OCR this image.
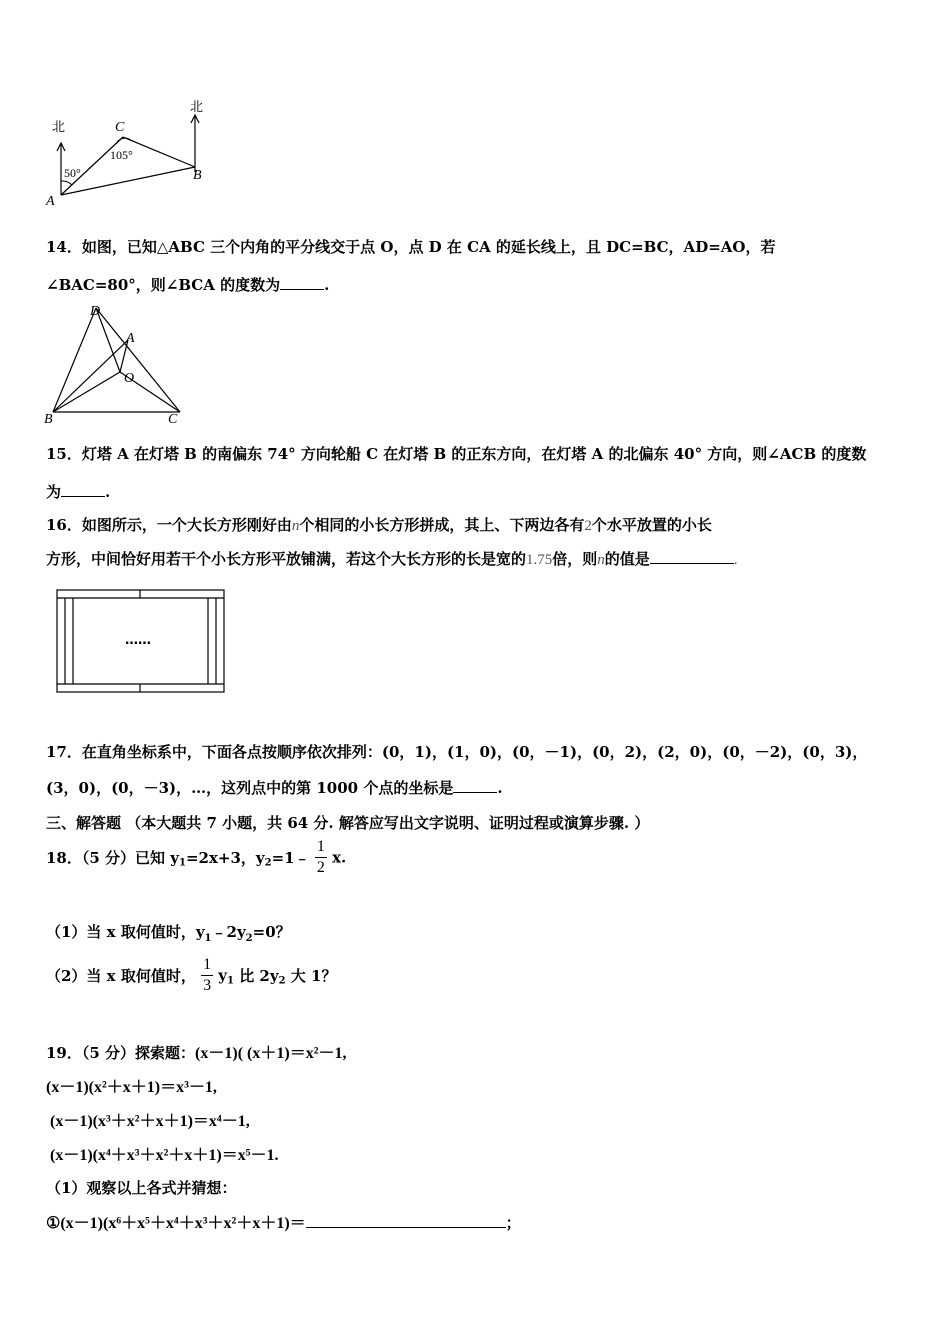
北
北
A
B
C
50°
105°
14．如图，已知△ABC 三个内角的平分线交于点 O，点 D 在 CA 的延长线上，且 DC=BC，AD=AO，若
∠BAC=80°，则∠BCA 的度数为	.
D
A
O
B	C
15．灯塔 A 在灯塔 B 的南偏东 74° 方向轮船 C 在灯塔 B 的正东方向，在灯塔 A 的北偏东 40° 方向，则∠ACB 的度数
为	.
16．如图所示，一个大长方形刚好由n个相同的小长方形拼成，其上、下两边各有2个水平放置的小长
方形，中间恰好用若干个小长方形平放铺满，若这个大长方形的长是宽的1.75倍，则n的值是	.
……
17．在直角坐标系中，下面各点按顺序依次排列：(0，1)，(1，0)，(0，－1)，(0，2)，(2，0)，(0，－2)，(0，3)，
(3，0)，(0，－3)，…，这列点中的第 1000 个点的坐标是	.
三、解答题 （本大题共 7 小题，共 64 分. 解答应写出文字说明、证明过程或演算步骤. ）
18．（5 分）已知 $y_1=2x+3$，$y_2=1﹣ \frac{1}{2} x$.
（1）当 x 取何值时，$y_1﹣2y_2=0$？
（2）当 x 取何值时， $\frac{1}{3} y_1$ 比 $2y_2$ 大 1？
19．（5 分）探索题：(x－1)( (x＋1)＝x²－1,
(x－1)(x²＋x＋1)＝x³－1,
(x－1)(x³＋x²＋x＋1)＝x⁴－1,
(x－1)(x⁴＋x³＋x²＋x＋1)＝x⁵－1.
（1）观察以上各式并猜想：
①(x－1)(x⁶＋x⁵＋x⁴＋x³＋x²＋x＋1)＝	；
